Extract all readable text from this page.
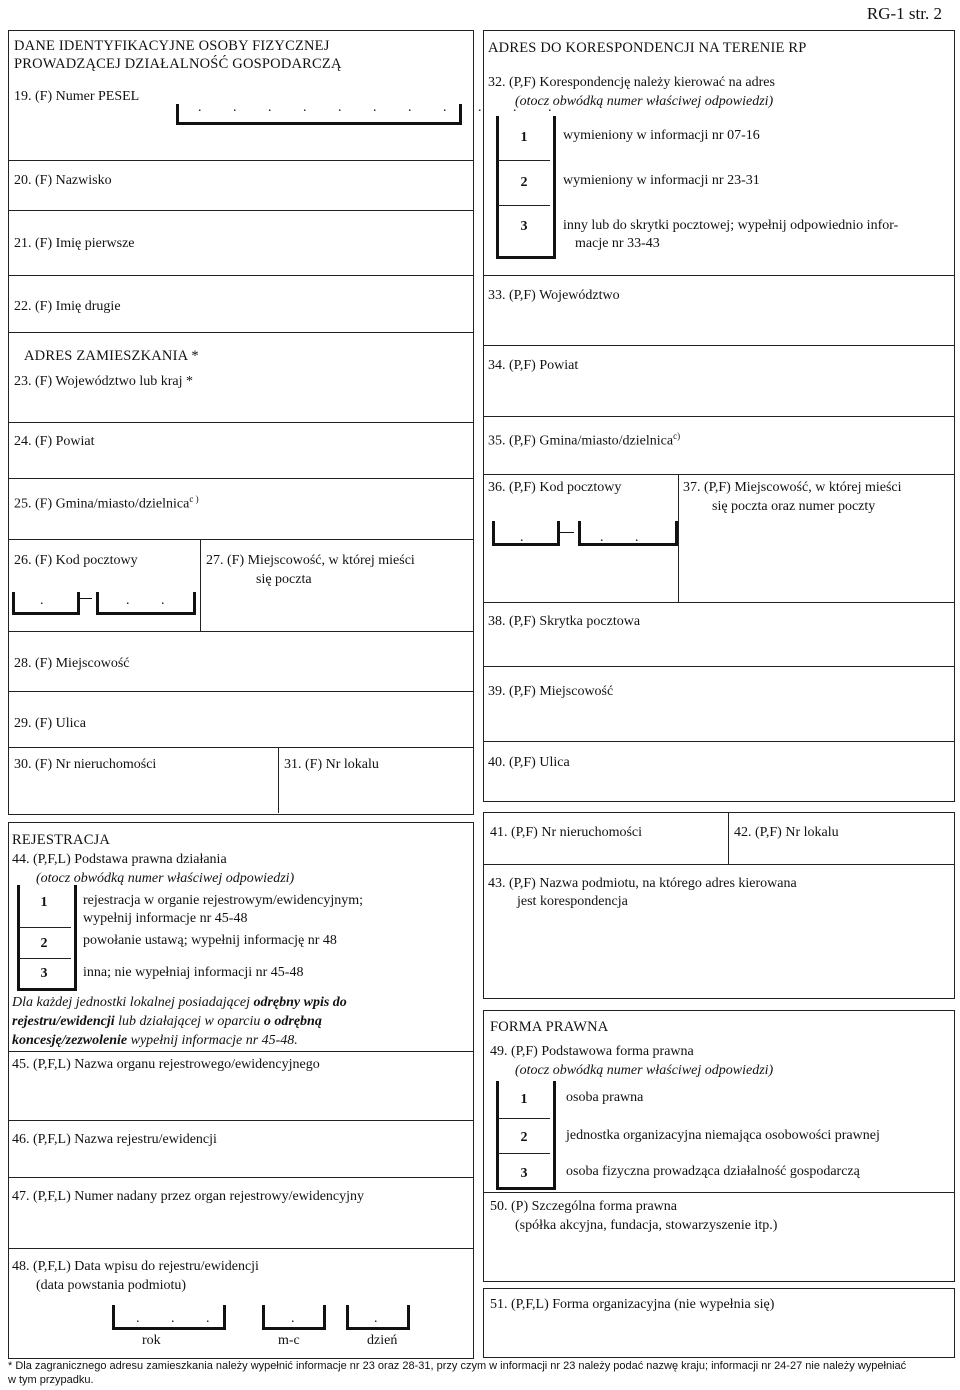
RG-1 str. 2
DANE IDENTYFIKACYJNE OSOBY FIZYCZNEJ
PROWADZĄCEJ DZIAŁALNOŚĆ GOSPODARCZĄ
19. (F) Numer PESEL
. . . . . . . . . . .
20. (F) Nazwisko
21. (F) Imię pierwsze
22. (F) Imię drugie
ADRES ZAMIESZKANIA *
23. (F) Województwo lub kraj *
24. (F) Powiat
25. (F) Gmina/miasto/dzielnica$^{c )}$
26. (F) Kod pocztowy
.	. .
27. (F) Miejscowość, w której mieści
się poczta
28. (F) Miejscowość
29. (F) Ulica
30. (F) Nr nieruchomości	31. (F) Nr lokalu
ADRES DO KORESPONDENCJI NA TERENIE RP
32. (P,F) Korespondencję należy kierować na adres
(otocz obwódką numer właściwej odpowiedzi)
1	wymieniony w informacji nr 07-16
2	wymieniony w informacji nr 23-31
3	inny lub do skrytki pocztowej; wypełnij odpowiednio infor-
macje nr 33-43
33. (P,F) Województwo
34. (P,F) Powiat
35. (P,F) Gmina/miasto/dzielnica$^{c)}$
36. (P,F) Kod pocztowy
.	. .
37. (P,F) Miejscowość, w której mieści
się poczta oraz numer poczty
38. (P,F) Skrytka pocztowa
39. (P,F) Miejscowość
40. (P,F) Ulica
41. (P,F) Nr nieruchomości	42. (P,F) Nr lokalu
43. (P,F) Nazwa podmiotu, na którego adres kierowana
jest korespondencja
REJESTRACJA
44. (P,F,L) Podstawa prawna działania
(otocz obwódką numer właściwej odpowiedzi)
1	rejestracja w organie rejestrowym/ewidencyjnym;
wypełnij informacje nr 45-48
2	powołanie ustawą; wypełnij informację nr 48
3	inna; nie wypełniaj informacji nr 45-48
Dla każdej jednostki lokalnej posiadającej odrębny wpis do
rejestru/ewidencji lub działającej w oparciu o odrębną
koncesję/zezwolenie wypełnij informacje nr 45-48.
45. (P,F,L) Nazwa organu rejestrowego/ewidencyjnego
46. (P,F,L) Nazwa rejestru/ewidencji
47. (P,F,L) Numer nadany przez organ rejestrowy/ewidencyjny
48. (P,F,L) Data wpisu do rejestru/ewidencji
(data powstania podmiotu)
. . .	.	.
rok	m-c	dzień
FORMA PRAWNA
49. (P,F) Podstawowa forma prawna
(otocz obwódką numer właściwej odpowiedzi)
1	osoba prawna
2	jednostka organizacyjna niemająca osobowości prawnej
3	osoba fizyczna prowadząca działalność gospodarczą
50. (P) Szczególna forma prawna
(spółka akcyjna, fundacja, stowarzyszenie itp.)
51. (P,F,L) Forma organizacyjna (nie wypełnia się)
* Dla zagranicznego adresu zamieszkania należy wypełnić informacje nr 23 oraz 28-31, przy czym w informacji nr 23 należy podać nazwę kraju; informacji nr 24-27 nie należy wypełniać
w tym przypadku.
